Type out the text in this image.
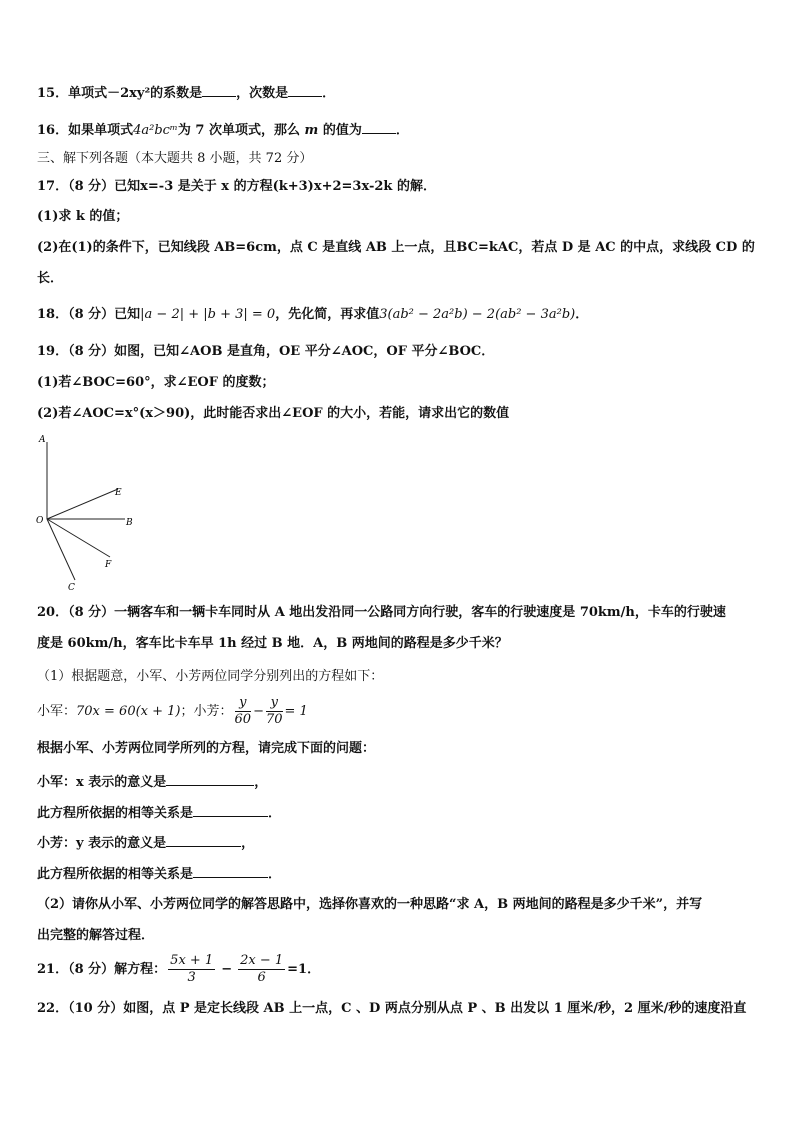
15．单项式－2xy²的系数是	，次数是	．
16．如果单项式4a²bcᵐ为 7 次单项式，那么 m 的值为	．
三、解下列各题（本大题共 8 小题，共 72 分）
17．（8 分）已知x=-3 是关于 x 的方程(k+3)x+2=3x-2k 的解．
(1)求 k 的值；
(2)在(1)的条件下，已知线段 AB=6cm，点 C 是直线 AB 上一点，且BC=kAC，若点 D 是 AC 的中点，求线段 CD 的
长．
18．（8 分）已知|a − 2| + |b + 3| = 0，先化简，再求值3(ab² − 2a²b) − 2(ab² − 3a²b)．
19．（8 分）如图，已知∠AOB 是直角，OE 平分∠AOC，OF 平分∠BOC．
(1)若∠BOC=60°，求∠EOF 的度数；
(2)若∠AOC=x°(x＞90)，此时能否求出∠EOF 的大小，若能，请求出它的数值
A
E
O	B
F
C
20．（8 分）一辆客车和一辆卡车同时从 A 地出发沿同一公路同方向行驶，客车的行驶速度是 70km/h，卡车的行驶速
度是 60km/h，客车比卡车早 1h 经过 B 地．A，B 两地间的路程是多少千米？
（1）根据题意，小军、小芳两位同学分别列出的方程如下：
小军：70x = 60(x + 1)；小芳： $\frac{y}{60} - \frac{y}{70} = 1$
根据小军、小芳两位同学所列的方程，请完成下面的问题：
小军：x 表示的意义是	，
此方程所依据的相等关系是	．
小芳：y 表示的意义是	，
此方程所依据的相等关系是	．
（2）请你从小军、小芳两位同学的解答思路中，选择你喜欢的一种思路“求 A，B 两地间的路程是多少千米”，并写
出完整的解答过程．
21．（8 分）解方程： $\frac{5x + 1}{3} - \frac{2x - 1}{6} =1$．
22．（10 分）如图，点 P 是定长线段 AB 上一点，C 、D 两点分别从点 P 、B 出发以 1 厘米/秒，2 厘米/秒的速度沿直
